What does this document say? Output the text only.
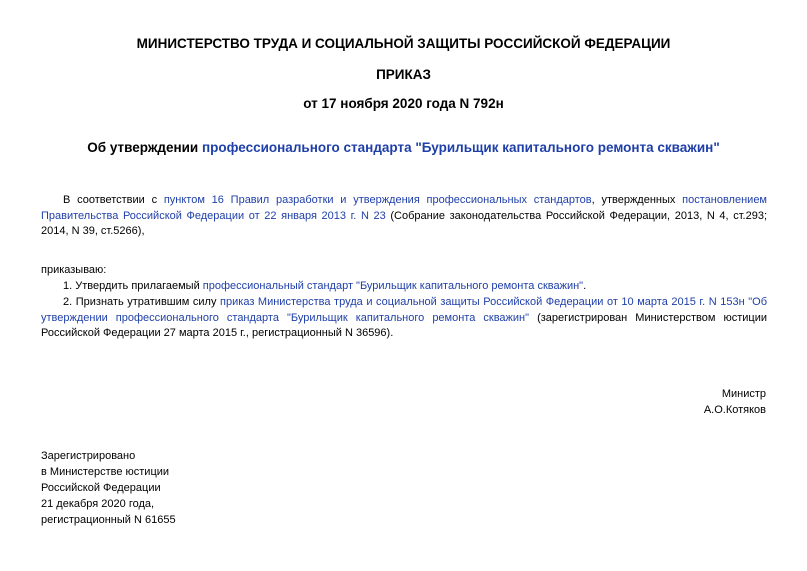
МИНИСТЕРСТВО ТРУДА И СОЦИАЛЬНОЙ ЗАЩИТЫ РОССИЙСКОЙ ФЕДЕРАЦИИ

ПРИКАЗ

от 17 ноября 2020 года N 792н

Об утверждении профессионального стандарта "Бурильщик капитального ремонта скважин"

В соответствии с пунктом 16 Правил разработки и утверждения профессиональных стандартов, утвержденных постановлением Правительства Российской Федерации от 22 января 2013 г. N 23 (Собрание законодательства Российской Федерации, 2013, N 4, ст.293; 2014, N 39, ст.5266),

приказываю:

1. Утвердить прилагаемый профессиональный стандарт "Бурильщик капитального ремонта скважин".

2. Признать утратившим силу приказ Министерства труда и социальной защиты Российской Федерации от 10 марта 2015 г. N 153н "Об утверждении профессионального стандарта "Бурильщик капитального ремонта скважин" (зарегистрирован Министерством юстиции Российской Федерации 27 марта 2015 г., регистрационный N 36596).

Министр
А.О.Котяков

Зарегистрировано
в Министерстве юстиции
Российской Федерации
21 декабря 2020 года,
регистрационный N 61655
